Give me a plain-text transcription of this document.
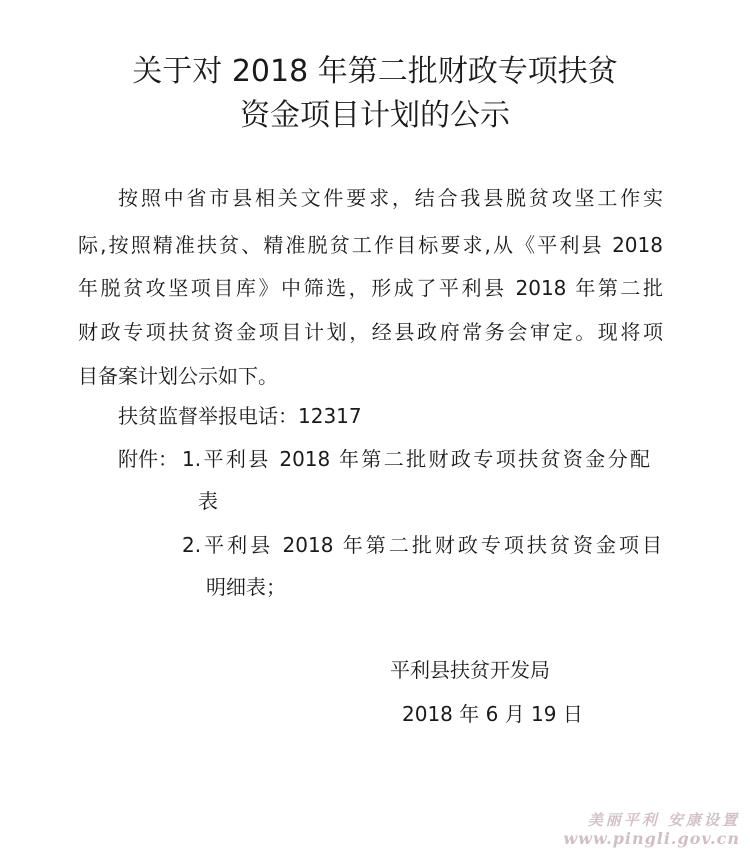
关于对 2018 年第二批财政专项扶贫
资金项目计划的公示
按照中省市县相关文件要求，结合我县脱贫攻坚工作实
际,按照精准扶贫、精准脱贫工作目标要求,从《平利县 2018
年脱贫攻坚项目库》中筛选，形成了平利县 2018 年第二批
财政专项扶贫资金项目计划，经县政府常务会审定。现将项
目备案计划公示如下。
扶贫监督举报电话：12317
附件： 1.平利县 2018 年第二批财政专项扶贫资金分配
表
2.平利县 2018 年第二批财政专项扶贫资金项目
明细表；
平利县扶贫开发局
2018 年 6 月 19 日
美丽平利 安康设置
www.pingli.gov.cn
